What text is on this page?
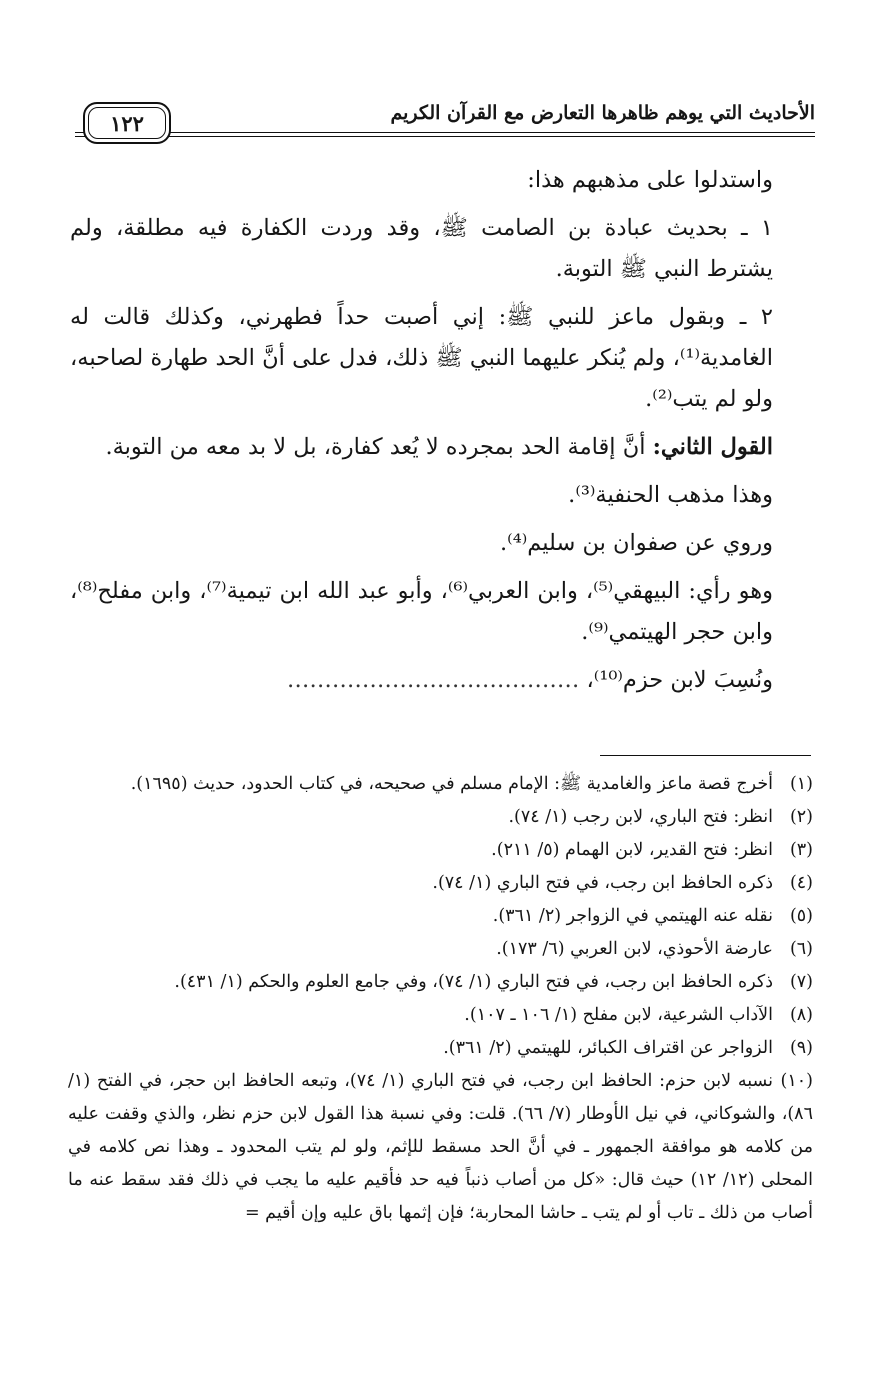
١٢٢	الأحاديث التي يوهم ظاهرها التعارض مع القرآن الكريم

واستدلوا على مذهبهم هذا:

١ ـ بحديث عبادة بن الصامت ﷺ، وقد وردت الكفارة فيه مطلقة، ولم يشترط النبي ﷺ التوبة.

٢ ـ وبقول ماعز للنبي ﷺ: إني أصبت حداً فطهرني، وكذلك قالت له الغامدية⁽¹⁾، ولم يُنكر عليهما النبي ﷺ ذلك، فدل على أنَّ الحد طهارة لصاحبه، ولو لم يتب⁽²⁾.

القول الثاني: أنَّ إقامة الحد بمجرده لا يُعد كفارة، بل لا بد معه من التوبة.

وهذا مذهب الحنفية⁽³⁾.

وروي عن صفوان بن سليم⁽⁴⁾.

وهو رأي: البيهقي⁽⁵⁾، وابن العربي⁽⁶⁾، وأبو عبد الله ابن تيمية⁽⁷⁾، وابن مفلح⁽⁸⁾، وابن حجر الهيتمي⁽⁹⁾.

ونُسِبَ لابن حزم⁽¹⁰⁾، …………………………………

(١)أخرج قصة ماعز والغامدية ﷺ: الإمام مسلم في صحيحه، في كتاب الحدود، حديث (١٦٩٥).

(٢)انظر: فتح الباري، لابن رجب (١/ ٧٤).

(٣)انظر: فتح القدير، لابن الهمام (٥/ ٢١١).

(٤)ذكره الحافظ ابن رجب، في فتح الباري (١/ ٧٤).

(٥)نقله عنه الهيتمي في الزواجر (٢/ ٣٦١).

(٦)عارضة الأحوذي، لابن العربي (٦/ ١٧٣).

(٧)ذكره الحافظ ابن رجب، في فتح الباري (١/ ٧٤)، وفي جامع العلوم والحكم (١/ ٤٣١).

(٨)الآداب الشرعية، لابن مفلح (١/ ١٠٦ ـ ١٠٧).

(٩)الزواجر عن اقتراف الكبائر، للهيتمي (٢/ ٣٦١).

(١٠)نسبه لابن حزم: الحافظ ابن رجب، في فتح الباري (١/ ٧٤)، وتبعه الحافظ ابن حجر، في الفتح (١/ ٨٦)، والشوكاني، في نيل الأوطار (٧/ ٦٦). قلت: وفي نسبة هذا القول لابن حزم نظر، والذي وقفت عليه من كلامه هو موافقة الجمهور ـ في أنَّ الحد مسقط للإثم، ولو لم يتب المحدود ـ وهذا نص كلامه في المحلى (١٢/ ١٢) حيث قال: «كل من أصاب ذنباً فيه حد فأقيم عليه ما يجب في ذلك فقد سقط عنه ما أصاب من ذلك ـ تاب أو لم يتب ـ حاشا المحاربة؛ فإن إثمها باق عليه وإن أقيم =
